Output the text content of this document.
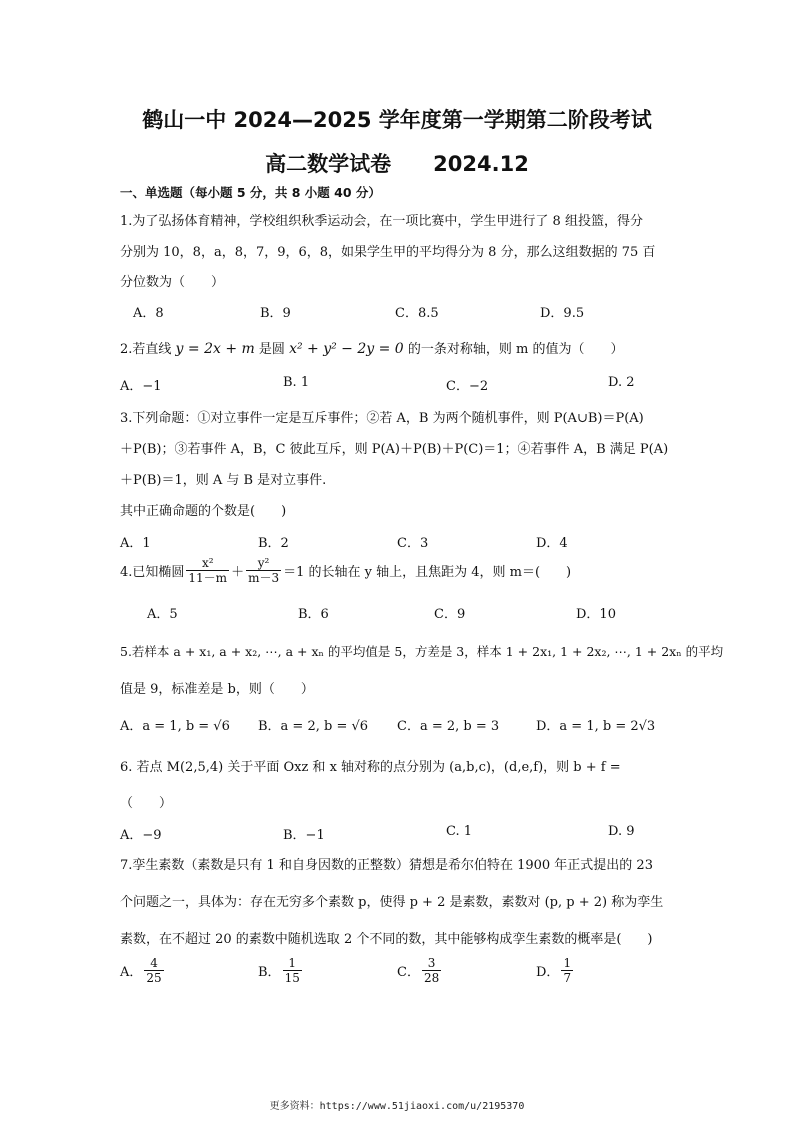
鹤山一中 2024—2025 学年度第一学期第二阶段考试
高二数学试卷　　2024.12
一、单选题（每小题 5 分，共 8 小题 40 分）
1.为了弘扬体育精神，学校组织秋季运动会，在一项比赛中，学生甲进行了 8 组投篮，得分
分别为 10，8，a，8，7，9，6，8，如果学生甲的平均得分为 8 分，那么这组数据的 75 百
分位数为（　　）
A．8	B．9	C．8.5	D．9.5
2.若直线 y = 2x + m 是圆 x² + y² − 2y = 0 的一条对称轴，则 m 的值为（　　）
A．−1	B. 1	C．−2	D. 2
3.下列命题：①对立事件一定是互斥事件；②若 A，B 为两个随机事件，则 P(A∪B)＝P(A)
＋P(B)；③若事件 A，B，C 彼此互斥，则 P(A)＋P(B)＋P(C)＝1；④若事件 A，B 满足 P(A)
＋P(B)＝1，则 A 与 B 是对立事件.
其中正确命题的个数是(　　)
A．1	B．2	C．3	D．4
4.已知椭圆 $\frac{\text{x²}}{11-m} + \frac{\text{y²}}{m-3} =1$ 的长轴在 y 轴上，且焦距为 4，则 m＝(　　)
A．5	B．6	C．9	D．10
5.若样本 a + x₁, a + x₂, ⋯, a + xₙ 的平均值是 5，方差是 3，样本 1 + 2x₁, 1 + 2x₂, ⋯, 1 + 2xₙ 的平均
值是 9，标准差是 b，则（　　）
A．a = 1, b = √6 B．a = 2, b = √6 C．a = 2, b = 3	D．a = 1, b = 2√3
6. 若点 M(2,5,4) 关于平面 Oxz 和 x 轴对称的点分别为 (a,b,c)，(d,e,f)，则 b + f =
（　　）
A．−9	B．−1	C. 1	D. 9
7.孪生素数（素数是只有 1 和自身因数的正整数）猜想是希尔伯特在 1900 年正式提出的 23
个问题之一，具体为：存在无穷多个素数 p，使得 p + 2 是素数，素数对 (p, p + 2) 称为孪生
素数，在不超过 20 的素数中随机选取 2 个不同的数，其中能够构成孪生素数的概率是(　　)
A． $\frac{4}{25}$	B． $\frac{1}{15}$	C． $\frac{3}{28}$	D． $\frac{1}{7}$
更多资料：https://www.51jiaoxi.com/u/2195370
